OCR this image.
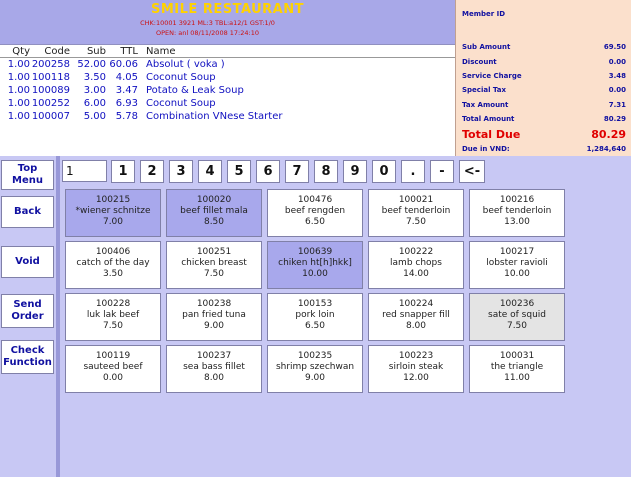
SMILE RESTAURANT
CHK:10001 3921 ML:3 TBL:a12/1 GST:1/0
OPEN: anl 08/11/2008 17:24:10
Qty	Code	Sub	TTL Name
1.00 200258 52.00 60.06 Absolut ( voka )
1.00 100118	3.50 4.05 Coconut Soup
1.00 100089	3.00 3.47 Potato & Leak Soup
1.00 100252	6.00 6.93 Coconut Soup
1.00 100007	5.00 5.78 Combination VNese Starter
Member ID
Sub Amount	69.50
Discount	0.00
Service Charge	3.48
Special Tax	0.00
Tax Amount	7.31
Total Amount	80.29
Total Due	80.29
Due in VND:	1,284,640
Top
Menu
Back
Void
Send
Order
Check
Function
1	1	2	3	4	5	6	7	8	9	0	.	-	<-
100215
*wiener schnitze
7.00
100020
beef fillet mala
8.50
100476
beef rengden
6.50
100021
beef tenderloin
7.50
100216
beef tenderloin
13.00
100406
catch of the day
3.50
100251
chicken breast
7.50
100639
chiken ht[h]hkk]
10.00
100222
lamb chops
14.00
100217
lobster ravioli
10.00
100228
luk lak beef
7.50
100238
pan fried tuna
9.00
100153
pork loin
6.50
100224
red snapper fill
8.00
100236
sate of squid
7.50
100119
sauteed beef
0.00
100237
sea bass fillet
8.00
100235
shrimp szechwan
9.00
100223
sirloin steak
12.00
100031
the triangle
11.00
